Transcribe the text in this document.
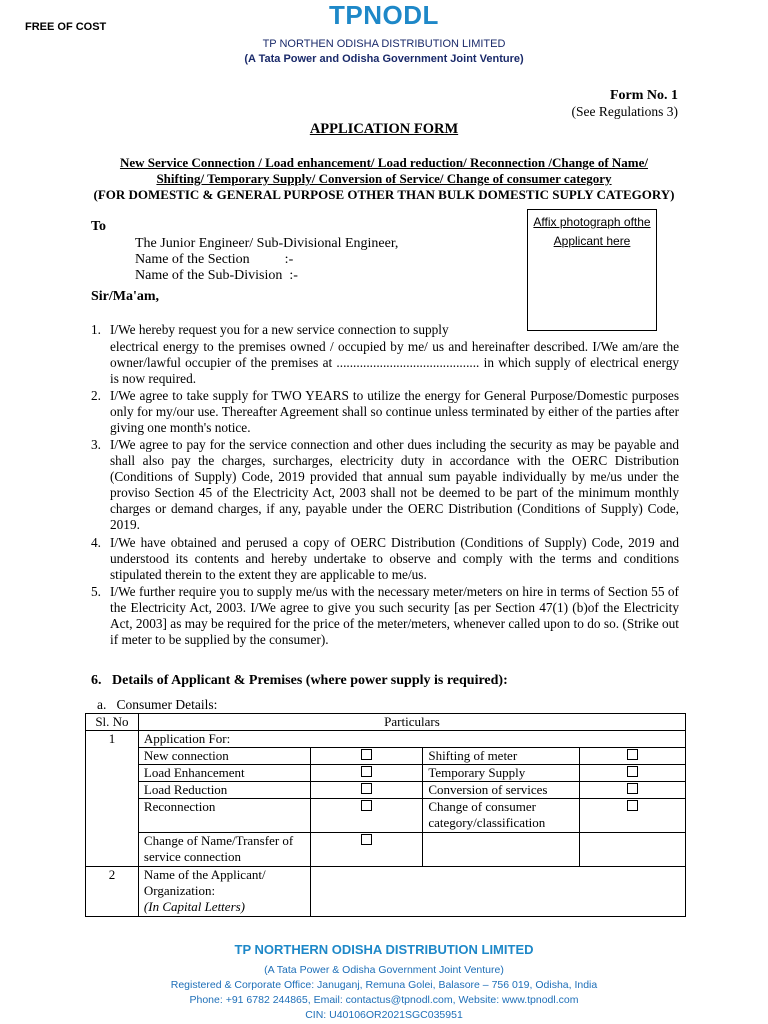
FREE OF COST	TPNODL
TP NORTHEN ODISHA DISTRIBUTION LIMITED
(A Tata Power and Odisha Government Joint Venture)
Form No. 1
(See Regulations 3)
APPLICATION FORM
New Service Connection / Load enhancement/ Load reduction/ Reconnection /Change of Name/
Shifting/ Temporary Supply/ Conversion of Service/ Change of consumer category
(FOR DOMESTIC & GENERAL PURPOSE OTHER THAN BULK DOMESTIC SUPLY CATEGORY)
Affix photograph ofthe
Applicant here
To
The Junior Engineer/ Sub-Divisional Engineer,
Name of the Section          :-
Name of the Sub-Division  :-
Sir/Ma'am,
1. I/We hereby request you for a new service connection to supply
electrical energy to the premises owned / occupied by me/ us and hereinafter described. I/We am/are the owner/lawful occupier of the premises at ........................................... in which supply of electrical energy is now required.
2. I/We agree to take supply for TWO YEARS to utilize the energy for General Purpose/Domestic purposes only for my/our use. Thereafter Agreement shall so continue unless terminated by either of the parties after giving one month's notice.
3. I/We agree to pay for the service connection and other dues including the security as may be payable and shall also pay the charges, surcharges, electricity duty in accordance with the OERC Distribution (Conditions of Supply) Code, 2019 provided that annual sum payable individually by me/us under the proviso Section 45 of the Electricity Act, 2003 shall not be deemed to be part of the minimum monthly charges or demand charges, if any, payable under the OERC Distribution (Conditions of Supply) Code, 2019.
4. I/We have obtained and perused a copy of OERC Distribution (Conditions of Supply) Code, 2019 and understood its contents and hereby undertake to observe and comply with the terms and conditions stipulated therein to the extent they are applicable to me/us.
5. I/We further require you to supply me/us with the necessary meter/meters on hire in terms of Section 55 of the Electricity Act, 2003. I/We agree to give you such security [as per Section 47(1) (b)of the Electricity Act, 2003] as may be required for the price of the meter/meters, whenever called upon to do so. (Strike out if meter to be supplied by the consumer).
6.   Details of Applicant & Premises (where power supply is required):
a.   Consumer Details:
Sl. No	Particulars			
1	Application For:			
	New connection		Shifting of meter	
	Load Enhancement		Temporary Supply	
	Load Reduction		Conversion of services	
	Reconnection		Change of consumer category/classification	
	Change of Name/Transfer of service connection			
2	Name of the Applicant/ Organization:
(In Capital Letters)			
TP NORTHERN ODISHA DISTRIBUTION LIMITED
(A Tata Power & Odisha Government Joint Venture)
Registered & Corporate Office: Januganj, Remuna Golei, Balasore – 756 019, Odisha, India
Phone: +91 6782 244865, Email: contactus@tpnodl.com, Website: www.tpnodl.com
CIN: U40106OR2021SGC035951
